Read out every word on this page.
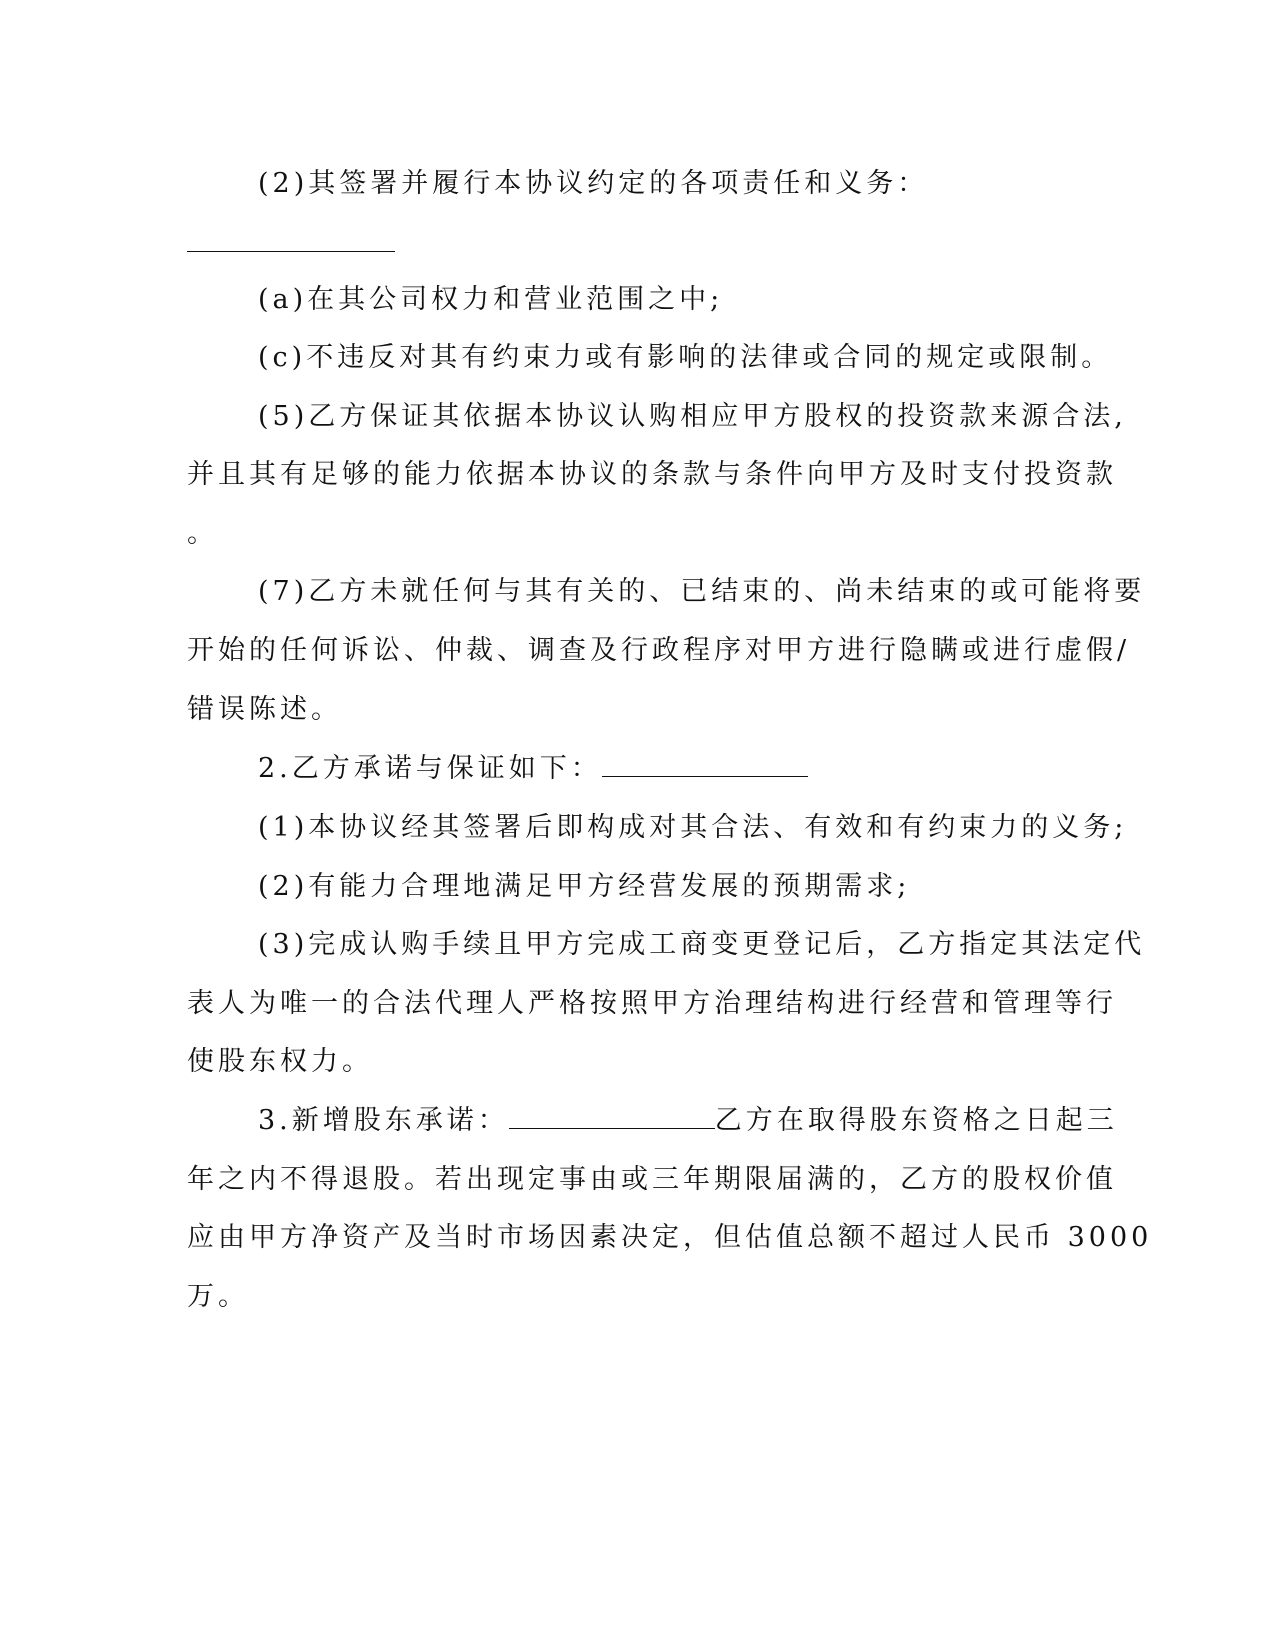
(2)其签署并履行本协议约定的各项责任和义务：
(a)在其公司权力和营业范围之中;
(c)不违反对其有约束力或有影响的法律或合同的规定或限制。
(5)乙方保证其依据本协议认购相应甲方股权的投资款来源合法,
并且其有足够的能力依据本协议的条款与条件向甲方及时支付投资款
。
(7)乙方未就任何与其有关的、已结束的、尚未结束的或可能将要
开始的任何诉讼、仲裁、调查及行政程序对甲方进行隐瞒或进行虚假/
错误陈述。
2.乙方承诺与保证如下：
(1)本协议经其签署后即构成对其合法、有效和有约束力的义务;
(2)有能力合理地满足甲方经营发展的预期需求;
(3)完成认购手续且甲方完成工商变更登记后，乙方指定其法定代
表人为唯一的合法代理人严格按照甲方治理结构进行经营和管理等行
使股东权力。
3.新增股东承诺：	乙方在取得股东资格之日起三
年之内不得退股。若出现定事由或三年期限届满的，乙方的股权价值
应由甲方净资产及当时市场因素决定，但估值总额不超过人民币 3000
万。
